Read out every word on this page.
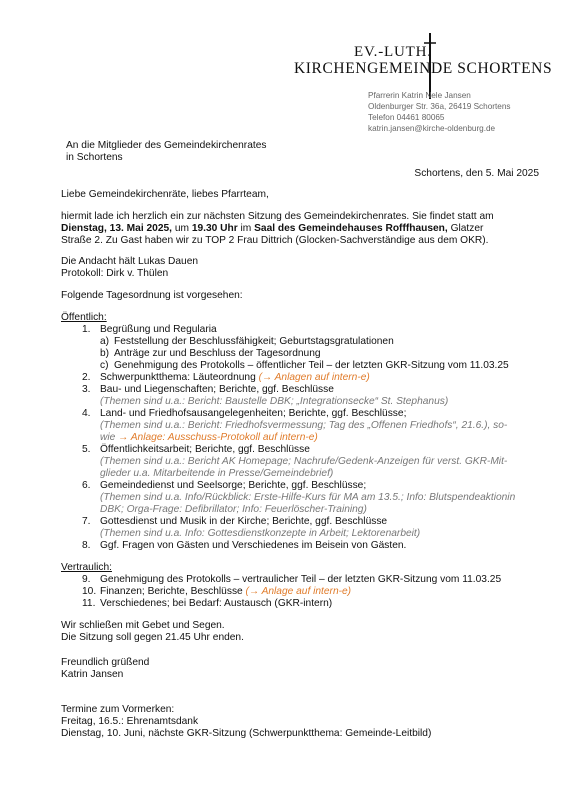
EV.-LUTH.
KIRCHENGEMEINDE SCHORTENS
Pfarrerin Katrin Nele Jansen
Oldenburger Str. 36a, 26419 Schortens
Telefon 04461 80065
katrin.jansen@kirche-oldenburg.de
An die Mitglieder des Gemeindekirchenrates
in Schortens
Schortens, den 5. Mai 2025
Liebe Gemeindekirchenräte, liebes Pfarrteam,
hiermit lade ich herzlich ein zur nächsten Sitzung des Gemeindekirchenrates. Sie findet statt am
Dienstag, 13. Mai 2025, um 19.30 Uhr im Saal des Gemeindehauses Rofffhausen, Glatzer
Straße 2. Zu Gast haben wir zu TOP 2 Frau Dittrich (Glocken-Sachverständige aus dem OKR).
Die Andacht hält Lukas Dauen
Protokoll: Dirk v. Thülen
Folgende Tagesordnung ist vorgesehen:
Öffentlich:
1. Begrüßung und Regularia
a) Feststellung der Beschlussfähigkeit; Geburtstagsgratulationen
b) Anträge zur und Beschluss der Tagesordnung
c) Genehmigung des Protokolls – öffentlicher Teil – der letzten GKR-Sitzung vom 11.03.25
2. Schwerpunktthema: Läuteordnung (→ Anlagen auf intern-e)
3. Bau- und Liegenschaften; Berichte, ggf. Beschlüsse
(Themen sind u.a.: Bericht: Baustelle DBK; „Integrationsecke“ St. Stephanus)
4. Land- und Friedhofsausangelegenheiten; Berichte, ggf. Beschlüsse;
(Themen sind u.a.: Bericht: Friedhofsvermessung; Tag des „Offenen Friedhofs“, 21.6.), so-
wie → Anlage: Ausschuss-Protokoll auf intern-e)
5. Öffentlichkeitsarbeit; Berichte, ggf. Beschlüsse
(Themen sind u.a.: Bericht AK Homepage; Nachrufe/Gedenk-Anzeigen für verst. GKR-Mit-
glieder u.a. Mitarbeitende in Presse/Gemeindebrief)
6. Gemeindedienst und Seelsorge; Berichte, ggf. Beschlüsse;
(Themen sind u.a. Info/Rückblick: Erste-Hilfe-Kurs für MA am 13.5.; Info: Blutspendeaktionin
DBK; Orga-Frage: Defibrillator; Info: Feuerlöscher-Training)
7. Gottesdienst und Musik in der Kirche; Berichte, ggf. Beschlüsse
(Themen sind u.a. Info: Gottesdienstkonzepte in Arbeit; Lektorenarbeit)
8. Ggf. Fragen von Gästen und Verschiedenes im Beisein von Gästen.
Vertraulich:
9. Genehmigung des Protokolls – vertraulicher Teil – der letzten GKR-Sitzung vom 11.03.25
10. Finanzen; Berichte, Beschlüsse (→ Anlage auf intern-e)
11. Verschiedenes; bei Bedarf: Austausch (GKR-intern)
Wir schließen mit Gebet und Segen.
Die Sitzung soll gegen 21.45 Uhr enden.
Freundlich grüßend
Katrin Jansen
Termine zum Vormerken:
Freitag, 16.5.: Ehrenamtsdank
Dienstag, 10. Juni, nächste GKR-Sitzung (Schwerpunktthema: Gemeinde-Leitbild)
